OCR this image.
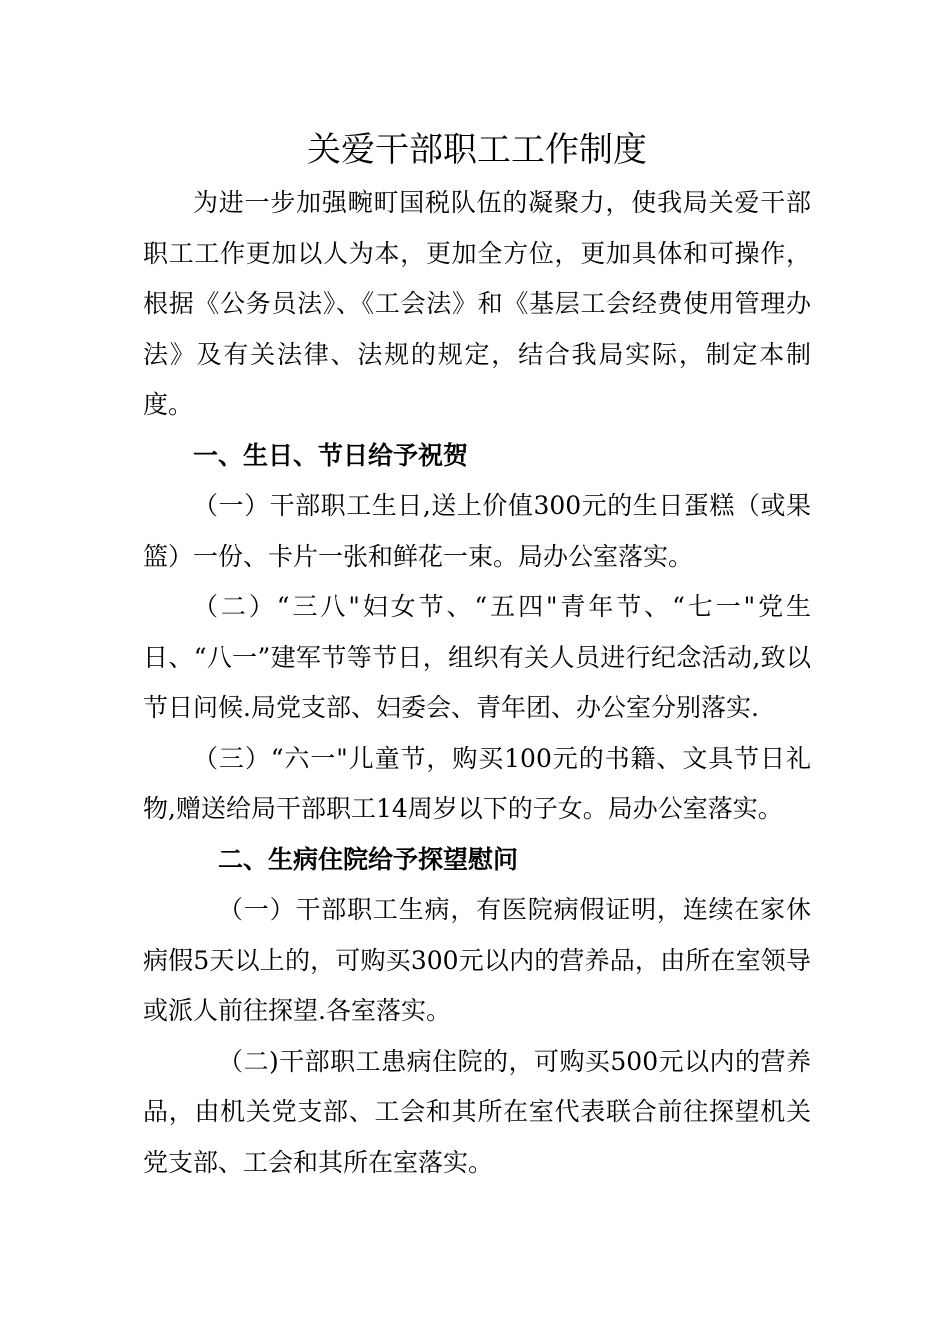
关爱干部职工工作制度

为进一步加强畹町国税队伍的凝聚力，使我局关爱干部职工工作更加以人为本，更加全方位，更加具体和可操作，根据《公务员法》、《工会法》和《基层工会经费使用管理办法》及有关法律、法规的规定，结合我局实际，制定本制度。

一、生日、节日给予祝贺

（一）干部职工生日,送上价值300元的生日蛋糕（或果篮）一份、卡片一张和鲜花一束。局办公室落实。

（二）“三八"妇女节、“五四"青年节、“七一"党生日、“八一”建军节等节日，组织有关人员进行纪念活动,致以节日问候.局党支部、妇委会、青年团、办公室分别落实.

（三）“六一"儿童节，购买100元的书籍、文具节日礼物,赠送给局干部职工14周岁以下的子女。局办公室落实。

二、生病住院给予探望慰问

（一）干部职工生病，有医院病假证明，连续在家休病假5天以上的，可购买300元以内的营养品，由所在室领导或派人前往探望.各室落实。

（二)干部职工患病住院的，可购买500元以内的营养品，由机关党支部、工会和其所在室代表联合前往探望机关党支部、工会和其所在室落实。
